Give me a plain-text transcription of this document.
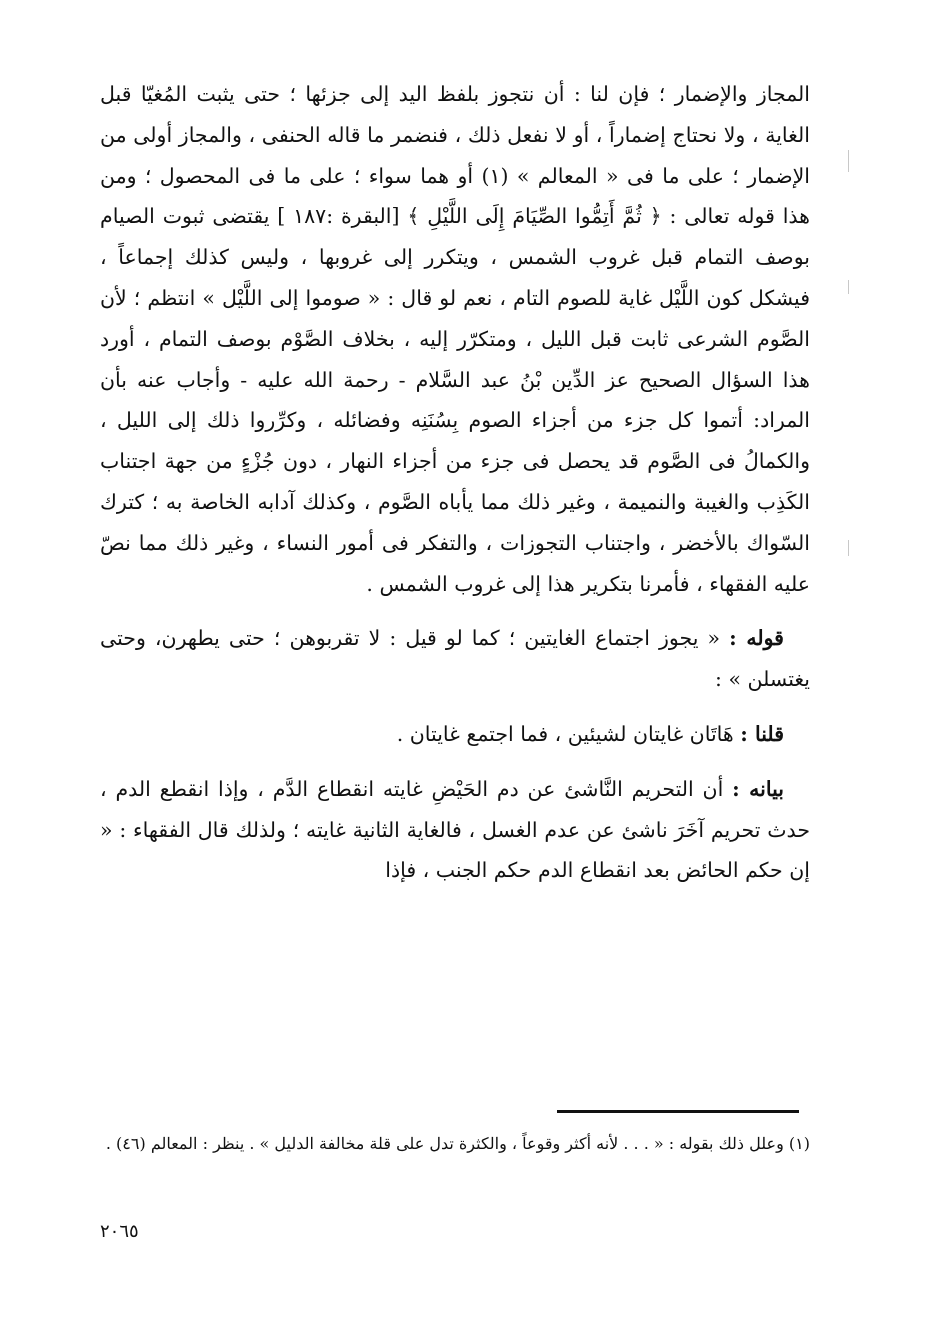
المجاز والإضمار ؛ فإن لنا : أن نتجوز بلفظ اليد إلى جزئها ؛ حتى يثبت المُغيّا قبل الغاية ، ولا نحتاج إضماراً ، أو لا نفعل ذلك ، فنضمر ما قاله الحنفى ، والمجاز أولى من الإضمار ؛ على ما فى « المعالم » (١) أو هما سواء ؛ على ما فى المحصول ؛ ومن هذا قوله تعالى : ﴿ ثُمَّ أَتِمُّوا الصِّيَامَ إِلَى اللَّيْلِ ﴾ [البقرة :١٨٧ ] يقتضى ثبوت الصيام بوصف التمام قبل غروب الشمس ، ويتكرر إلى غروبها ، وليس كذلك إجماعاً ، فيشكل كون اللَّيْل غاية للصوم التام ، نعم لو قال : « صوموا إلى اللَّيْل » انتظم ؛ لأن الصَّوم الشرعى ثابت قبل الليل ، ومتكرّر إليه ، بخلاف الصَّوْم بوصف التمام ، أورد هذا السؤال الصحيح عز الدِّين بْنُ عبد السَّلام - رحمة الله عليه - وأجاب عنه بأن المراد: أتموا كل جزء من أجزاء الصوم بِسُنَنِه وفضائله ، وكرِّروا ذلك إلى الليل ، والكمالُ فى الصَّوم قد يحصل فى جزء من أجزاء النهار ، دون جُزْءٍ من جهة اجتناب الكَذِب والغيبة والنميمة ، وغير ذلك مما يأباه الصَّوم ، وكذلك آدابه الخاصة به ؛ كترك السّواك بالأخضر ، واجتناب التجوزات ، والتفكر فى أمور النساء ، وغير ذلك مما نصّ عليه الفقهاء ، فأمرنا بتكرير هذا إلى غروب الشمس .

قوله : « يجوز اجتماع الغايتين ؛ كما لو قيل : لا تقربوهن ؛ حتى يطهرن، وحتى يغتسلن » :

قلنا : هَاتَان غايتان لشيئين ، فما اجتمع غايتان .

بيانه : أن التحريم النَّاشئ عن دم الحَيْضِ غايته انقطاع الدَّم ، وإذا انقطع الدم ، حدث تحريم آخَرَ ناشئ عن عدم الغسل ، فالغاية الثانية غايته ؛ ولذلك قال الفقهاء : « إن حكم الحائض بعد انقطاع الدم حكم الجنب ، فإذا

(١) وعلل ذلك بقوله : « . . . لأنه أكثر وقوعاً ، والكثرة تدل على قلة مخالفة الدليل » . ينظر : المعالم (٤٦) .
٢٠٦٥
